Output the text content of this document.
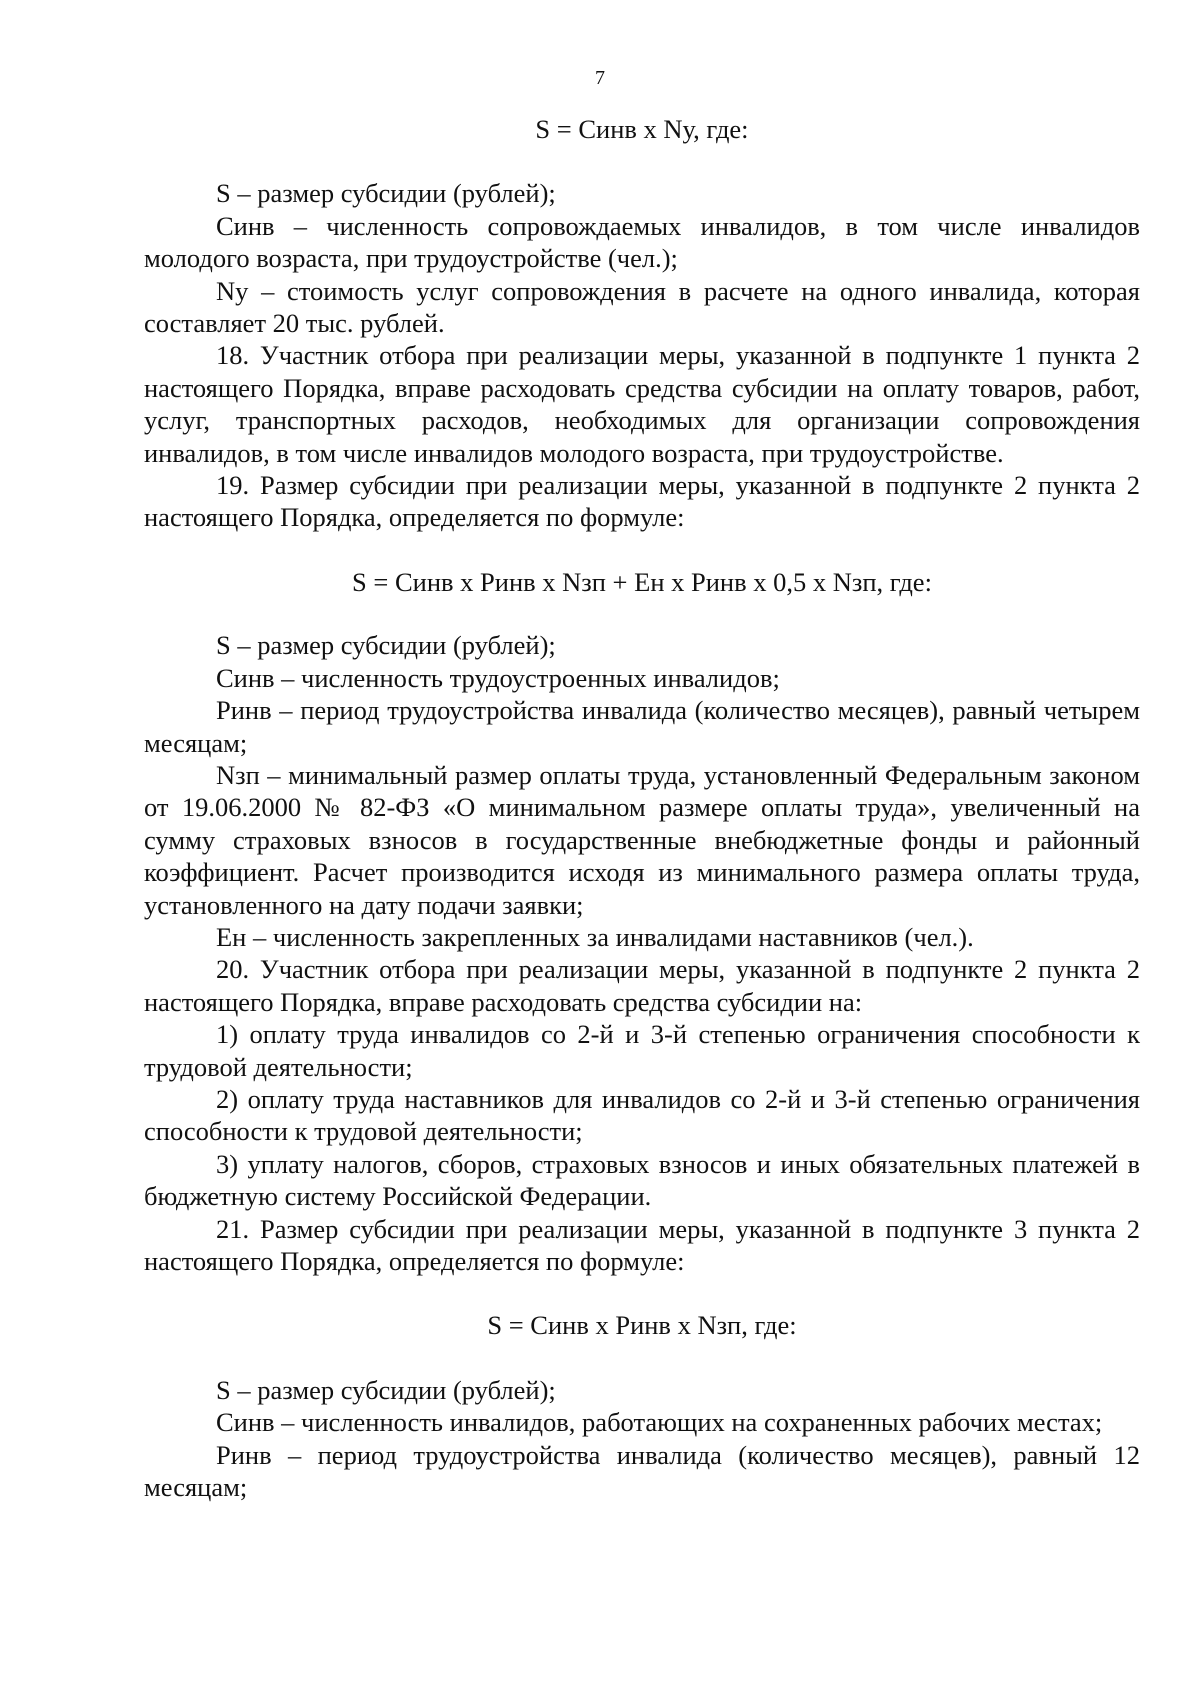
7

S = Синв x Nу, где:

S – размер субсидии (рублей);

Синв – численность сопровождаемых инвалидов, в том числе инвалидов молодого возраста, при трудоустройстве (чел.);

Nу – стоимость услуг сопровождения в расчете на одного инвалида, которая составляет 20 тыс. рублей.

18. Участник отбора при реализации меры, указанной в подпункте 1 пункта 2 настоящего Порядка, вправе расходовать средства субсидии на оплату товаров, работ, услуг, транспортных расходов, необходимых для организации сопровождения инвалидов, в том числе инвалидов молодого возраста, при трудоустройстве.

19. Размер субсидии при реализации меры, указанной в подпункте 2 пункта 2 настоящего Порядка, определяется по формуле:

S = Синв x Ринв x Nзп + Ен x Ринв x 0,5 x Nзп, где:

S – размер субсидии (рублей);

Синв – численность трудоустроенных инвалидов;

Ринв – период трудоустройства инвалида (количество месяцев), равный четырем месяцам;

Nзп – минимальный размер оплаты труда, установленный Федеральным законом от 19.06.2000 № 82-ФЗ «О минимальном размере оплаты труда», увеличенный на сумму страховых взносов в государственные внебюджетные фонды и районный коэффициент. Расчет производится исходя из минимального размера оплаты труда, установленного на дату подачи заявки;

Ен – численность закрепленных за инвалидами наставников (чел.).

20. Участник отбора при реализации меры, указанной в подпункте 2 пункта 2 настоящего Порядка, вправе расходовать средства субсидии на:

1) оплату труда инвалидов со 2-й и 3-й степенью ограничения способности к трудовой деятельности;

2) оплату труда наставников для инвалидов со 2-й и 3-й степенью ограничения способности к трудовой деятельности;

3) уплату налогов, сборов, страховых взносов и иных обязательных платежей в бюджетную систему Российской Федерации.

21. Размер субсидии при реализации меры, указанной в подпункте 3 пункта 2 настоящего Порядка, определяется по формуле:

S = Синв x Ринв x Nзп, где:

S – размер субсидии (рублей);

Синв – численность инвалидов, работающих на сохраненных рабочих местах;

Ринв – период трудоустройства инвалида (количество месяцев), равный 12 месяцам;
